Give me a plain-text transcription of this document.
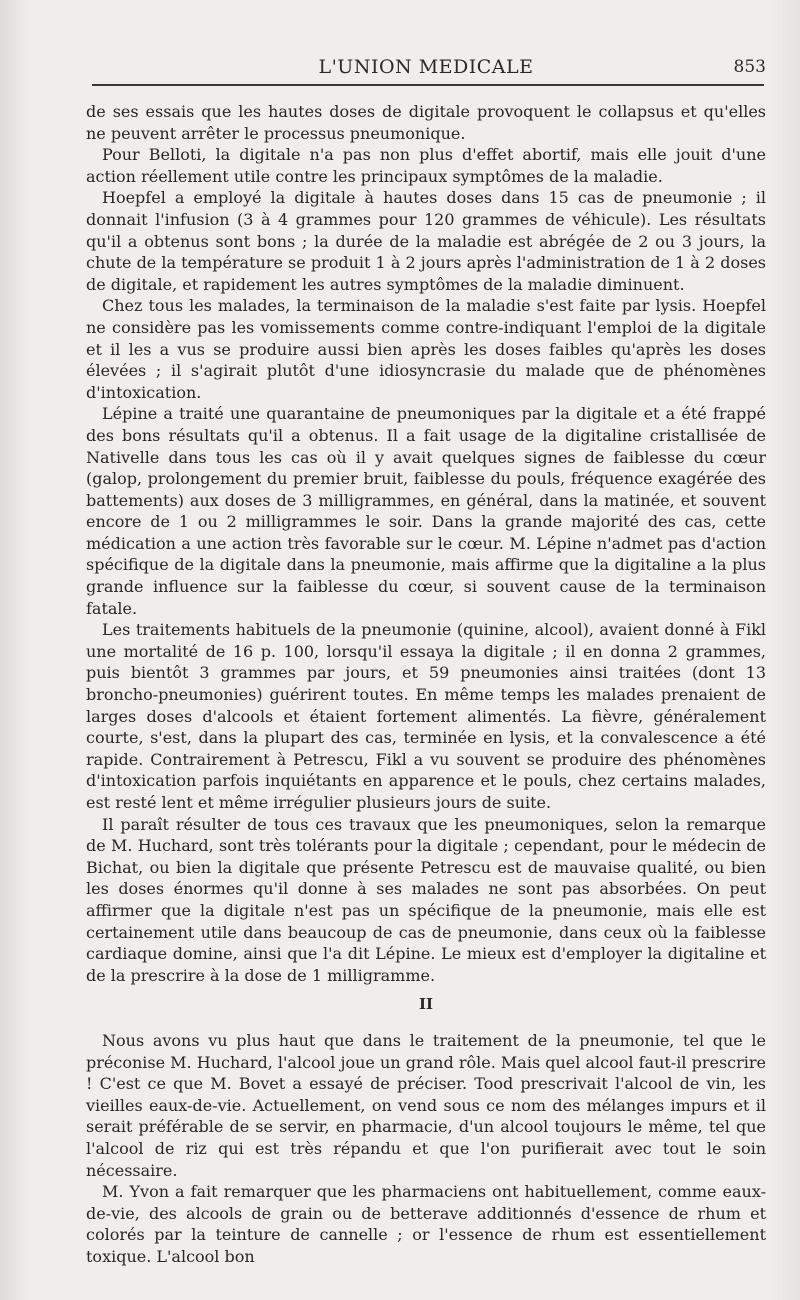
L'UNION MEDICALE	853

de ses essais que les hautes doses de digitale provoquent le collapsus et qu'elles ne peuvent arrêter le processus pneumonique.

Pour Belloti, la digitale n'a pas non plus d'effet abortif, mais elle jouit d'une action réellement utile contre les principaux symptômes de la maladie.

Hoepfel a employé la digitale à hautes doses dans 15 cas de pneumonie ; il donnait l'infusion (3 à 4 grammes pour 120 grammes de véhicule). Les résultats qu'il a obtenus sont bons ; la durée de la maladie est abrégée de 2 ou 3 jours, la chute de la température se produit 1 à 2 jours après l'administration de 1 à 2 doses de digitale, et rapidement les autres symptômes de la maladie diminuent.

Chez tous les malades, la terminaison de la maladie s'est faite par lysis. Hoepfel ne considère pas les vomissements comme contre-indiquant l'emploi de la digitale et il les a vus se produire aussi bien après les doses faibles qu'après les doses élevées ; il s'agirait plutôt d'une idiosyncrasie du malade que de phénomènes d'intoxication.

Lépine a traité une quarantaine de pneumoniques par la digitale et a été frappé des bons résultats qu'il a obtenus. Il a fait usage de la digitaline cristallisée de Nativelle dans tous les cas où il y avait quelques signes de faiblesse du cœur (galop, prolongement du premier bruit, faiblesse du pouls, fréquence exagérée des battements) aux doses de 3 milligrammes, en général, dans la matinée, et souvent encore de 1 ou 2 milligrammes le soir. Dans la grande majorité des cas, cette médication a une action très favorable sur le cœur. M. Lépine n'admet pas d'action spécifique de la digitale dans la pneumonie, mais affirme que la digitaline a la plus grande influence sur la faiblesse du cœur, si souvent cause de la terminaison fatale.

Les traitements habituels de la pneumonie (quinine, alcool), avaient donné à Fikl une mortalité de 16 p. 100, lorsqu'il essaya la digitale ; il en donna 2 grammes, puis bientôt 3 grammes par jours, et 59 pneumonies ainsi traitées (dont 13 broncho-pneumonies) guérirent toutes. En même temps les malades prenaient de larges doses d'alcools et étaient fortement alimentés. La fièvre, généralement courte, s'est, dans la plupart des cas, terminée en lysis, et la convalescence a été rapide. Contrairement à Petrescu, Fikl a vu souvent se produire des phénomènes d'intoxication parfois inquiétants en apparence et le pouls, chez certains malades, est resté lent et même irrégulier plusieurs jours de suite.

Il paraît résulter de tous ces travaux que les pneumoniques, selon la remarque de M. Huchard, sont très tolérants pour la digitale ; cependant, pour le médecin de Bichat, ou bien la digitale que présente Petrescu est de mauvaise qualité, ou bien les doses énormes qu'il donne à ses malades ne sont pas absorbées. On peut affirmer que la digitale n'est pas un spécifique de la pneumonie, mais elle est certainement utile dans beaucoup de cas de pneumonie, dans ceux où la faiblesse cardiaque domine, ainsi que l'a dit Lépine. Le mieux est d'employer la digitaline et de la prescrire à la dose de 1 milligramme.

II

Nous avons vu plus haut que dans le traitement de la pneumonie, tel que le préconise M. Huchard, l'alcool joue un grand rôle. Mais quel alcool faut-il prescrire ! C'est ce que M. Bovet a essayé de préciser. Tood prescrivait l'alcool de vin, les vieilles eaux-de-vie. Actuellement, on vend sous ce nom des mélanges impurs et il serait préférable de se servir, en pharmacie, d'un alcool toujours le même, tel que l'alcool de riz qui est très répandu et que l'on purifierait avec tout le soin nécessaire.

M. Yvon a fait remarquer que les pharmaciens ont habituellement, comme eaux-de-vie, des alcools de grain ou de betterave additionnés d'essence de rhum et colorés par la teinture de cannelle ; or l'essence de rhum est essentiellement toxique. L'alcool bon
